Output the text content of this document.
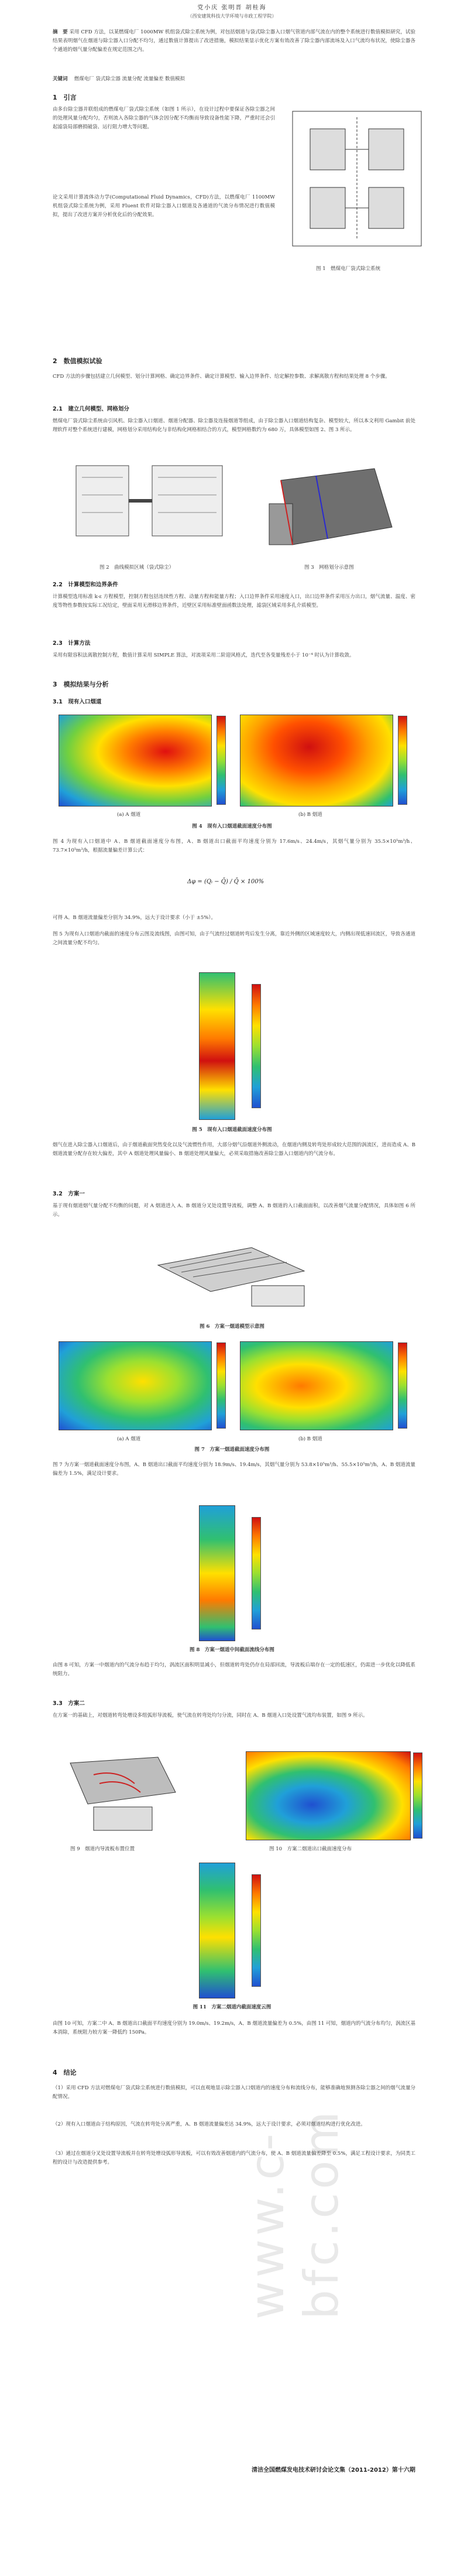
www.c-bfc.com
党小庆 张明晋 胡桂海
（西安建筑科技大学环境与市政工程学院）
摘　要 采用 CFD 方法，以某燃煤电厂 1000MW 机组袋式除尘系统为例，对包括烟道与袋式除尘器入口烟气管道内部气流在内的整个系统进行数值模拟研究，试验结果表明烟气在烟道与除尘器入口分配不均匀，通过数值计算提出了改进措施，模拟结果显示优化方案有效改善了除尘器内部流场及入口气流均布状况，使除尘器各个通道的烟气量分配偏差在规定范围之内。
关键词　 燃煤电厂 袋式除尘器 流量分配 流量偏差 数值模拟
1　引言
由多台除尘器并联组成的燃煤电厂袋式除尘系统（如图 1 所示），在设计过程中要保证各除尘器之间的处理风量分配均匀，否则流入各除尘器的气体会因分配不均衡而导致设备性能下降，严重时还会引起滤袋局部磨损破袋、运行阻力增大等问题。
论文采用计算流体动力学(Computational Fluid Dynamics，CFD)方法，以燃煤电厂 1100MW 机组袋式除尘系统为例，采用 Fluent 软件对除尘器入口烟道及各通道的气流分布情况进行数值模拟，提出了改进方案并分析优化后的分配效果。
图 1　燃煤电厂袋式除尘系统
2　数值模拟试验
CFD 方法的步骤包括建立几何模型、划分计算网格、确定边界条件、确定计算模型、输入边界条件、给定解控参数、求解离散方程和结果处理 8 个步骤。
2.1　建立几何模型、网格划分
燃煤电厂袋式除尘系统由引风机、除尘器入口烟道、烟道分配器、除尘器及连接烟道等组成，由于除尘器入口烟道结构复杂、模型较大，所以本文利用 Gambit 前处理软件对整个系统进行建模，网格划分采用结构化与非结构化网格相结合的方式，模型网格数约为 680 万，具体模型如图 2、图 3 所示。
图 2　曲线模拟区域（袋式除尘）	图 3　网格划分示意图
2.2　计算模型和边界条件
计算模型选用标准 k-ε 方程模型，控制方程包括连续性方程、动量方程和能量方程；入口边界条件采用速度入口，出口边界条件采用压力出口，烟气流量、温度、密度等物性参数按实际工况给定，壁面采用无滑移边界条件，近壁区采用标准壁面函数法处理，滤袋区域采用多孔介质模型。
2.3　计算方法
采用有限容积法离散控制方程，数值计算采用 SIMPLE 算法，对流项采用二阶迎风格式，迭代至各变量残差小于 10⁻⁴ 时认为计算收敛。
3　模拟结果与分析
3.1　现有入口烟道
(a) A 烟道	(b) B 烟道
图 4　现有入口烟道截面速度分布图
图 4 为现有入口烟道中 A、B 烟道截面速度分布图，A、B 烟道出口截面平均速度分别为 17.6m/s、24.4m/s，其烟气量分别为 35.5×10⁵m³/h、73.7×10⁵m³/h，根据流量偏差计算公式：
Δφ = (Qᵢ − Q̄) / Q̄ × 100%
可得 A、B 烟道流量偏差分别为 34.9%，远大于设计要求（小于 ±5%）。
图 5 为现有入口烟道内截面的速度分布云图及流线图，由图可知，由于气流经过烟道转弯后发生分离，靠近外侧的区域速度较大，内侧出现低速回流区，导致各通道之间流量分配不均匀。
图 5　现有入口烟道截面速度分布图
烟气在进入除尘器入口烟道后，由于烟道截面突然变化以及气流惯性作用，大部分烟气沿烟道外侧流动，在烟道内侧及转弯处形成较大范围的涡流区，进而造成 A、B 烟道流量分配存在较大偏差，其中 A 烟道处理风量偏小、B 烟道处理风量偏大，必须采取措施改善除尘器入口烟道内的气流分布。
3.2　方案一
基于现有烟道烟气量分配不均衡的问题，对 A 烟道进入 A、B 烟道分叉处设置导流板，调整 A、B 烟道的入口截面面积，以改善烟气流量分配情况，具体如图 6 所示。
图 6　方案一烟道模型示意图
(a) A 烟道	(b) B 烟道
图 7　方案一烟道截面速度分布图
图 7 为方案一烟道截面速度分布图，A、B 烟道出口截面平均速度分别为 18.9m/s、19.4m/s，其烟气量分别为 53.8×10⁵m³/h、55.5×10⁵m³/h，A、B 烟道流量偏差为 1.5%，满足设计要求。
图 8　方案一烟道中间截面流线分布图
由图 8 可知，方案一中烟道内的气流分布趋于均匀，涡流区面积明显减小，但烟道转弯处仍存在局部回流，导流板后端存在一定的低速区，仍需进一步优化以降低系统阻力。
3.3　方案二
在方案一的基础上，对烟道转弯处增设多组弧形导流板，使气流在转弯处均匀分流，同时在 A、B 烟道入口处设置气流均布装置，如图 9 所示。
图 9　烟道内导流板布置位置	图 10　方案二烟道出口截面速度分布
图 11　方案二烟道内截面速度云图
由图 10 可知，方案二中 A、B 烟道出口截面平均速度分别为 19.0m/s、19.2m/s，A、B 烟道流量偏差为 0.5%，由图 11 可知，烟道内的气流分布均匀，涡流区基本消除，系统阻力较方案一降低约 150Pa。
4　结论
（1）采用 CFD 方法对燃煤电厂袋式除尘系统进行数值模拟，可以直观地显示除尘器入口烟道内的速度分布和流线分布，能够准确地预测各除尘器之间的烟气流量分配情况。
（2）现有入口烟道由于结构原因，气流在转弯处分离严重，A、B 烟道流量偏差达 34.9%，远大于设计要求，必须对烟道结构进行优化改进。
（3）通过在烟道分叉处设置导流板并在转弯处增设弧形导流板，可以有效改善烟道内的气流分布，使 A、B 烟道流量偏差降至 0.5%，满足工程设计要求，为同类工程的设计与改造提供参考。
清洁全国燃煤发电技术研讨会论文集（2011-2012）第十六期
